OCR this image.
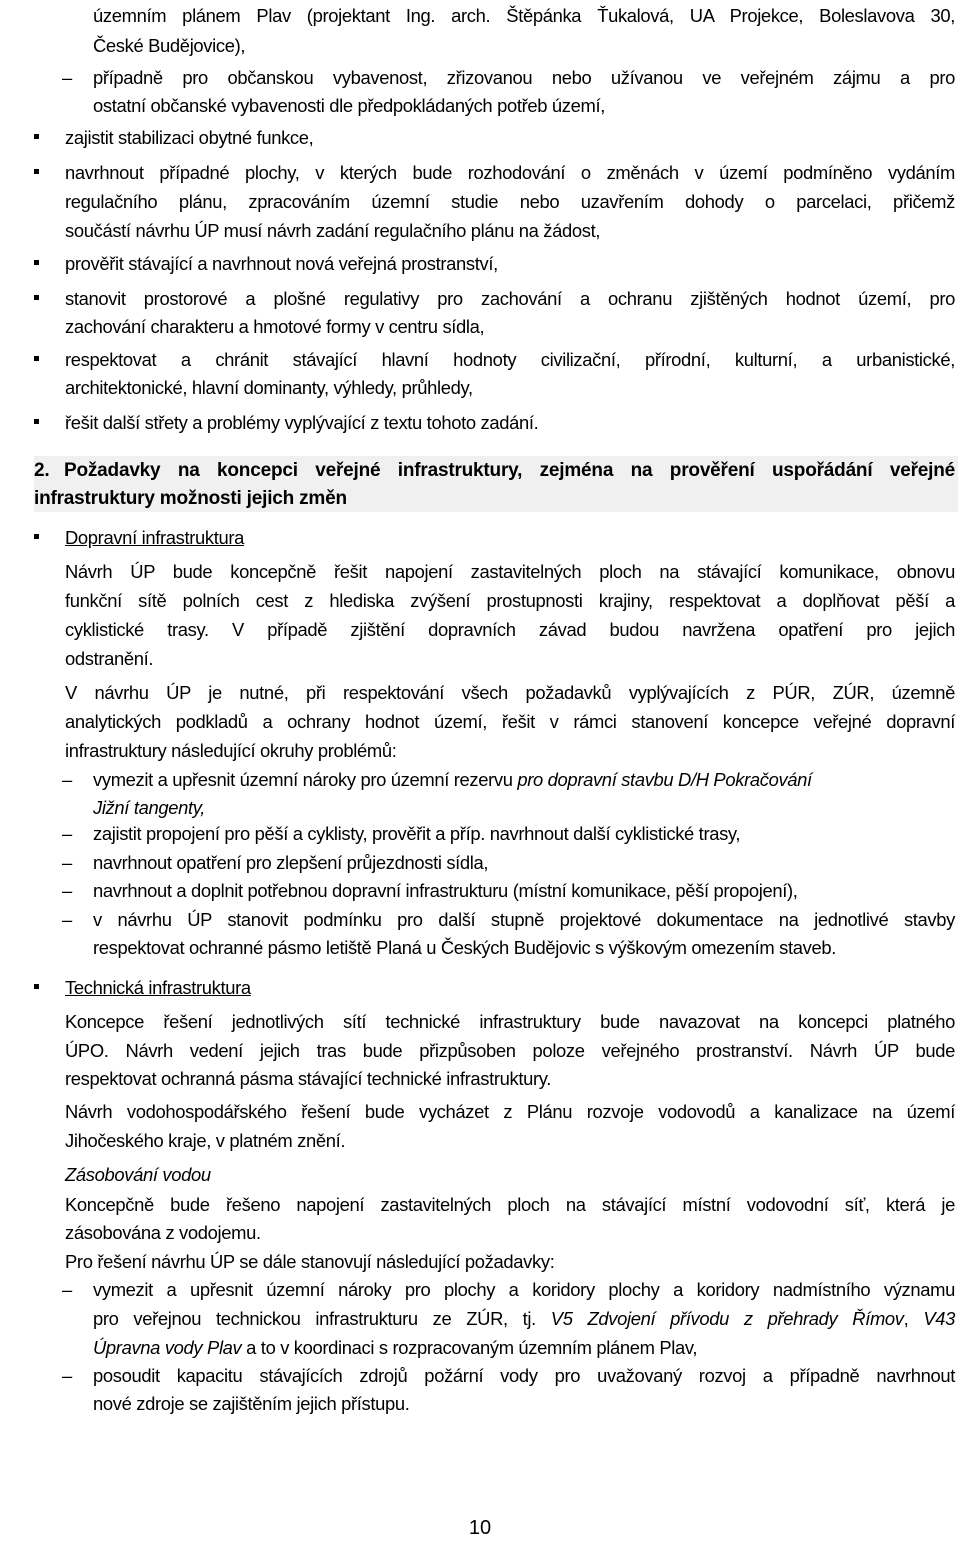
územním plánem Plav (projektant Ing. arch. Štěpánka Ťukalová, UA Projekce, Boleslavova 30,
České Budějovice),
– případně pro občanskou vybavenost, zřizovanou nebo užívanou ve veřejném zájmu a pro
ostatní občanské vybavenosti dle předpokládaných potřeb území,
zajistit stabilizaci obytné funkce,
navrhnout případné plochy, v kterých bude rozhodování o změnách v území podmíněno vydáním
regulačního plánu, zpracováním územní studie nebo uzavřením dohody o parcelaci, přičemž
součástí návrhu ÚP musí návrh zadání regulačního plánu na žádost,
prověřit stávající a navrhnout nová veřejná prostranství,
stanovit prostorové a plošné regulativy pro zachování a ochranu zjištěných hodnot území, pro
zachování charakteru a hmotové formy v centru sídla,
respektovat a chránit stávající hlavní hodnoty civilizační, přírodní, kulturní, a urbanistické,
architektonické, hlavní dominanty, výhledy, průhledy,
řešit další střety a problémy vyplývající z textu tohoto zadání.
2. Požadavky na koncepci veřejné infrastruktury, zejména na prověření uspořádání veřejné
infrastruktury možnosti jejich změn
Dopravní infrastruktura
Návrh ÚP bude koncepčně řešit napojení zastavitelných ploch na stávající komunikace, obnovu
funkční sítě polních cest z hlediska zvýšení prostupnosti krajiny, respektovat a doplňovat pěší a
cyklistické trasy. V případě zjištění dopravních závad budou navržena opatření pro jejich
odstranění.
V návrhu ÚP je nutné, při respektování všech požadavků vyplývajících z PÚR, ZÚR, územně
analytických podkladů a ochrany hodnot území, řešit v rámci stanovení koncepce veřejné dopravní
infrastruktury následující okruhy problémů:
– vymezit a upřesnit územní nároky pro územní rezervu pro dopravní stavbu D/H Pokračování
Jižní tangenty,
– zajistit propojení pro pěší a cyklisty, prověřit a příp. navrhnout další cyklistické trasy,
– navrhnout opatření pro zlepšení průjezdnosti sídla,
– navrhnout a doplnit potřebnou dopravní infrastrukturu (místní komunikace, pěší propojení),
– v návrhu ÚP stanovit podmínku pro další stupně projektové dokumentace na jednotlivé stavby
respektovat ochranné pásmo letiště Planá u Českých Budějovic s výškovým omezením staveb.
Technická infrastruktura
Koncepce řešení jednotlivých sítí technické infrastruktury bude navazovat na koncepci platného
ÚPO. Návrh vedení jejich tras bude přizpůsoben poloze veřejného prostranství. Návrh ÚP bude
respektovat ochranná pásma stávající technické infrastruktury.
Návrh vodohospodářského řešení bude vycházet z Plánu rozvoje vodovodů a kanalizace na území
Jihočeského kraje, v platném znění.
Zásobování vodou
Koncepčně bude řešeno napojení zastavitelných ploch na stávající místní vodovodní síť, která je
zásobována z vodojemu.
Pro řešení návrhu ÚP se dále stanovují následující požadavky:
– vymezit a upřesnit územní nároky pro plochy a koridory plochy a koridory nadmístního významu
pro veřejnou technickou infrastrukturu ze ZÚR, tj. V5 Zdvojení přívodu z přehrady Římov, V43
Úpravna vody Plav a to v koordinaci s rozpracovaným územním plánem Plav,
– posoudit kapacitu stávajících zdrojů požární vody pro uvažovaný rozvoj a případně navrhnout
nové zdroje se zajištěním jejich přístupu.
10
